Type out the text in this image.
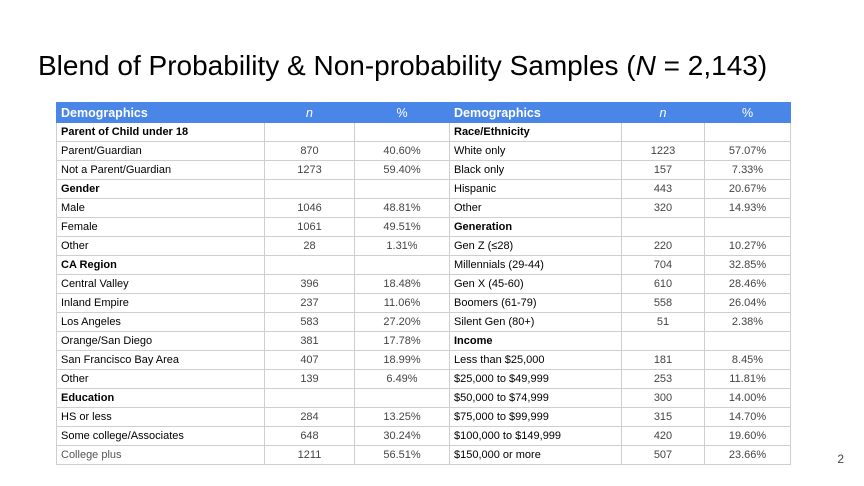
Blend of Probability & Non-probability Samples (N = 2,143)
Demographics	n	%	Demographics	n	%
Parent of Child under 18			Race/Ethnicity		
Parent/Guardian	870	40.60%	White only	1223	57.07%
Not a Parent/Guardian	1273	59.40%	Black only	157	7.33%
Gender			Hispanic	443	20.67%
Male	1046	48.81%	Other	320	14.93%
Female	1061	49.51%	Generation		
Other	28	1.31%	Gen Z (≤28)	220	10.27%
CA Region			Millennials (29-44)	704	32.85%
Central Valley	396	18.48%	Gen X (45-60)	610	28.46%
Inland Empire	237	11.06%	Boomers (61-79)	558	26.04%
Los Angeles	583	27.20%	Silent Gen (80+)	51	2.38%
Orange/San Diego	381	17.78%	Income		
San Francisco Bay Area	407	18.99%	Less than $25,000	181	8.45%
Other	139	6.49%	$25,000 to $49,999	253	11.81%
Education			$50,000 to $74,999	300	14.00%
HS or less	284	13.25%	$75,000 to $99,999	315	14.70%
Some college/Associates	648	30.24%	$100,000 to $149,999	420	19.60%
College plus	1211	56.51%	$150,000 or more	507	23.66%	2
